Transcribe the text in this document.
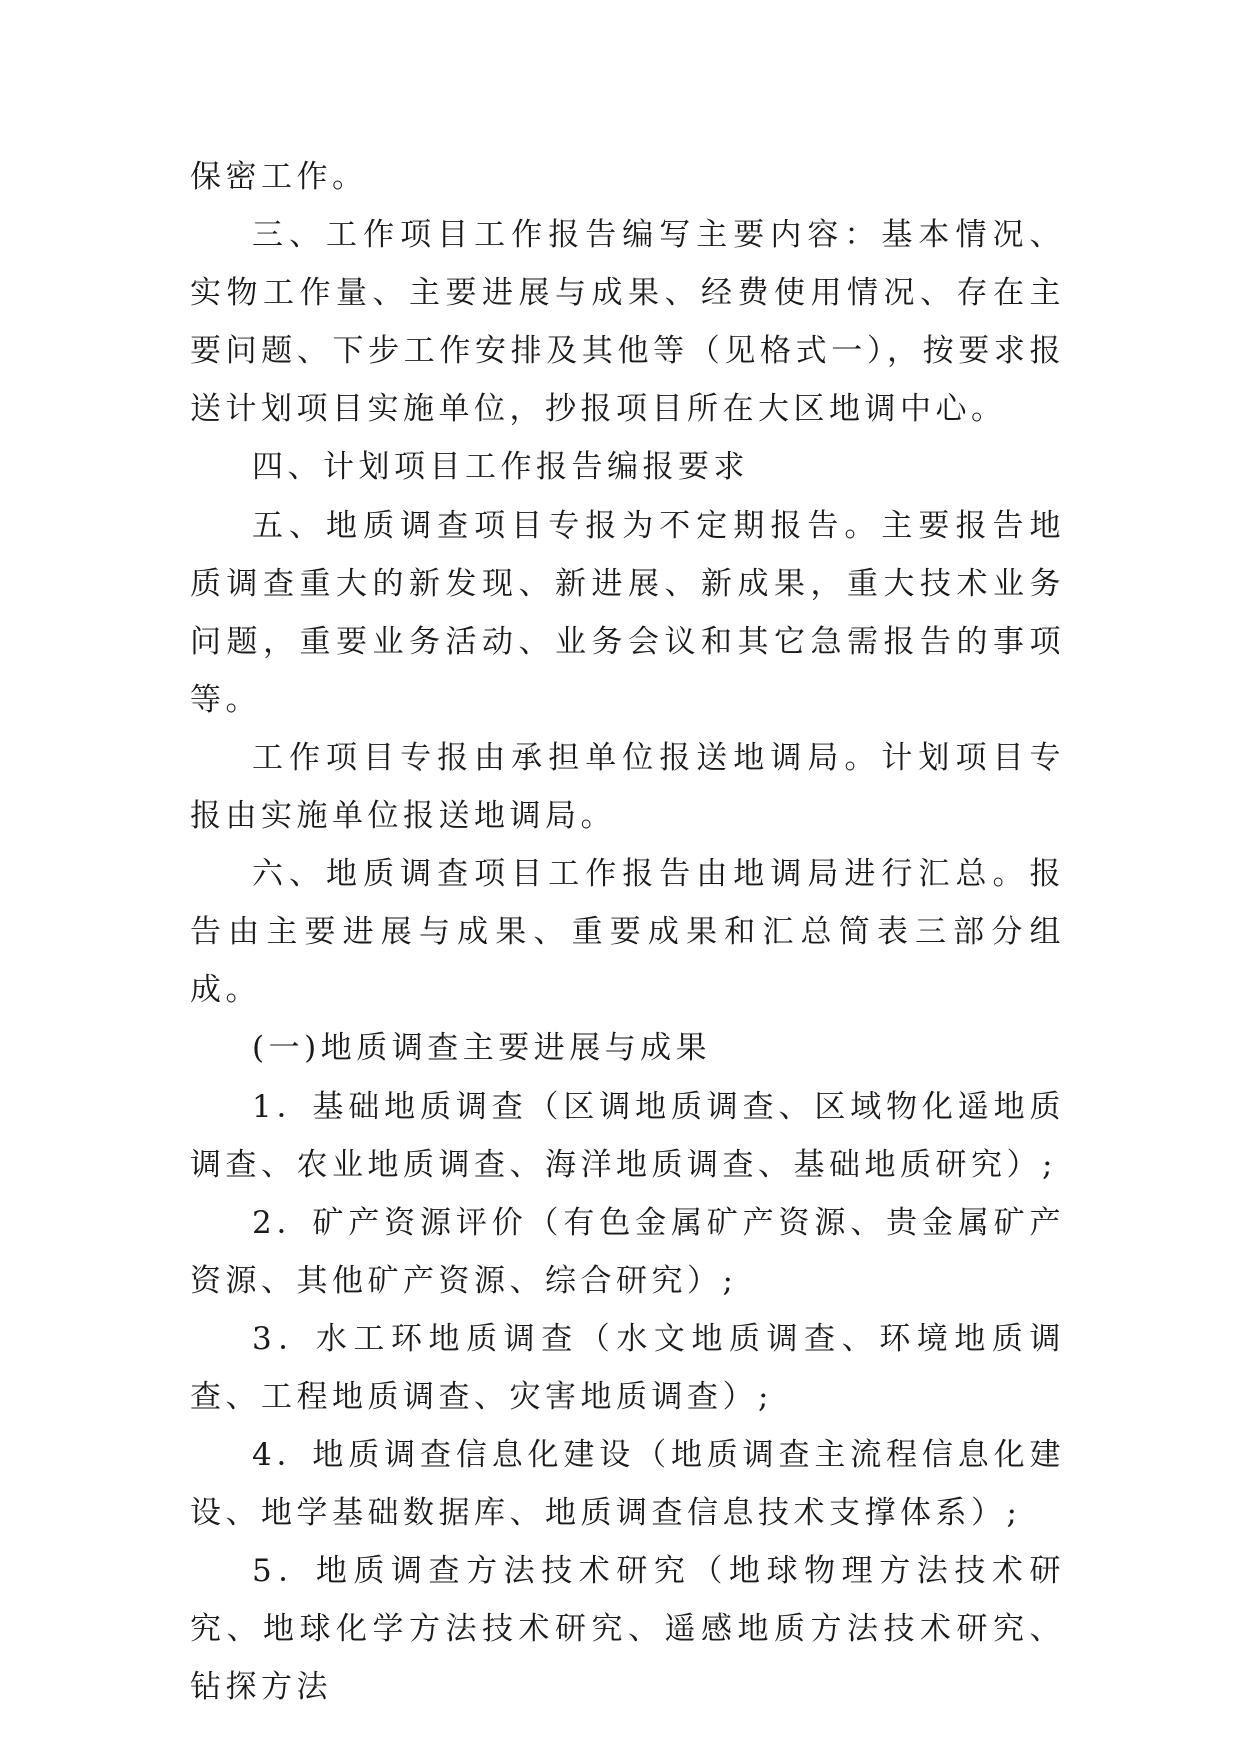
保密工作。

三、工作项目工作报告编写主要内容：基本情况、实物工作量、主要进展与成果、经费使用情况、存在主要问题、下步工作安排及其他等（见格式一），按要求报送计划项目实施单位，抄报项目所在大区地调中心。

四、计划项目工作报告编报要求

五、地质调查项目专报为不定期报告。主要报告地质调查重大的新发现、新进展、新成果，重大技术业务问题，重要业务活动、业务会议和其它急需报告的事项等。

工作项目专报由承担单位报送地调局。计划项目专报由实施单位报送地调局。

六、地质调查项目工作报告由地调局进行汇总。报告由主要进展与成果、重要成果和汇总简表三部分组成。

(一)地质调查主要进展与成果

1．基础地质调查（区调地质调查、区域物化遥地质调查、农业地质调查、海洋地质调查、基础地质研究）;

2．矿产资源评价（有色金属矿产资源、贵金属矿产资源、其他矿产资源、综合研究）;

3．水工环地质调查（水文地质调查、环境地质调查、工程地质调查、灾害地质调查）;

4．地质调查信息化建设（地质调查主流程信息化建设、地学基础数据库、地质调查信息技术支撑体系）;

5．地质调查方法技术研究（地球物理方法技术研究、地球化学方法技术研究、遥感地质方法技术研究、钻探方法
